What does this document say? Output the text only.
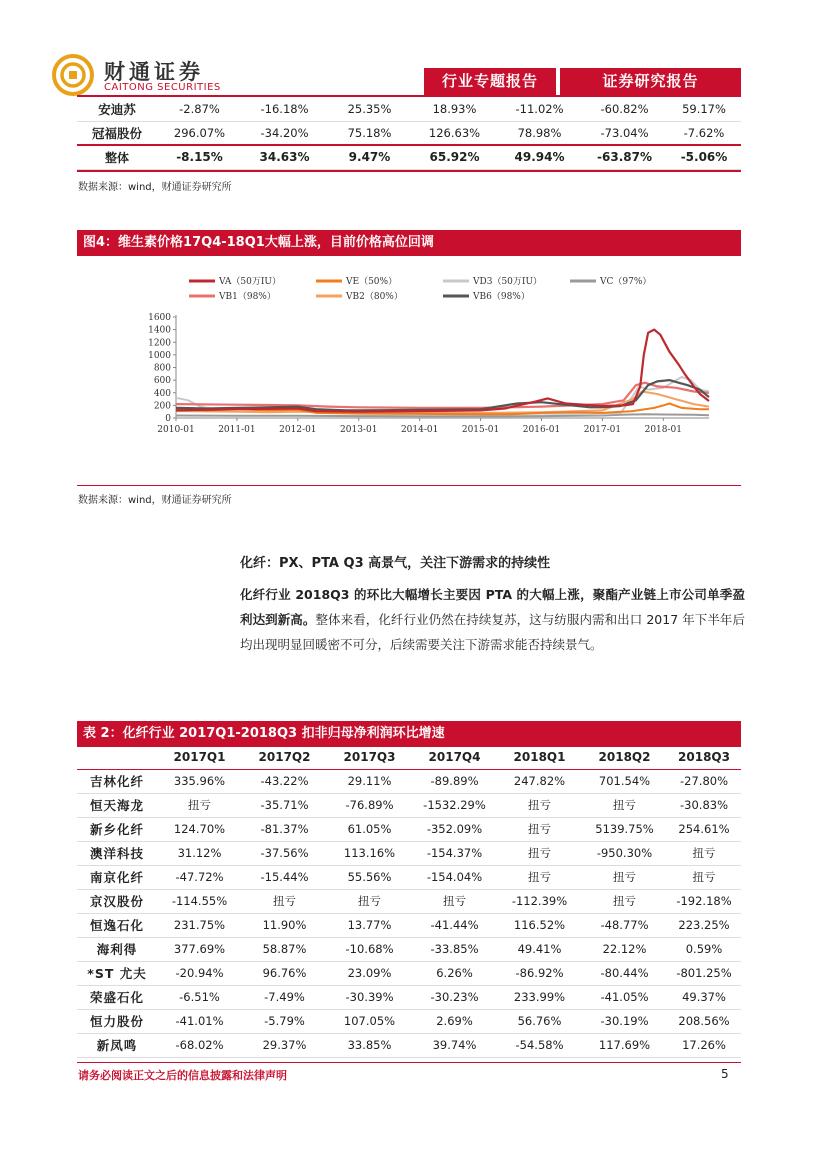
财通证券
CAITONG SECURITIES	行业专题报告	证券研究报告
安迪苏	-2.87%	-16.18%	25.35%	18.93%	-11.02%	-60.82%	59.17%
冠福股份	296.07%	-34.20%	75.18%	126.63%	78.98%	-73.04%	-7.62%
整体	-8.15%	34.63%	9.47%	65.92%	49.94%	-63.87%	-5.06%
数据来源：wind，财通证券研究所
图4：维生素价格17Q4-18Q1大幅上涨，目前价格高位回调
VA（50万IU）	VE（50%）	VD3（50万IU）	VC（97%）
VB1（98%）	VB2（80%）	VB6（98%）
0
200
400
600
800
1000
1200
1400
1600
2010-01	2011-01	2012-01	2013-01	2014-01	2015-01	2016-01	2017-01	2018-01
数据来源：wind，财通证券研究所
化纤：PX、PTA Q3 高景气，关注下游需求的持续性
化纤行业 2018Q3 的环比大幅增长主要因 PTA 的大幅上涨，聚酯产业链上市公司单季盈利达到新高。整体来看，化纤行业仍然在持续复苏，这与纺服内需和出口 2017 年下半年后均出现明显回暖密不可分，后续需要关注下游需求能否持续景气。
表 2：化纤行业 2017Q1-2018Q3 扣非归母净利润环比增速
	2017Q1	2017Q2	2017Q3	2017Q4	2018Q1	2018Q2	2018Q3
吉林化纤	335.96%	-43.22%	29.11%	-89.89%	247.82%	701.54%	-27.80%
恒天海龙	扭亏	-35.71%	-76.89%	-1532.29%	扭亏	扭亏	-30.83%
新乡化纤	124.70%	-81.37%	61.05%	-352.09%	扭亏	5139.75%	254.61%
澳洋科技	31.12%	-37.56%	113.16%	-154.37%	扭亏	-950.30%	扭亏
南京化纤	-47.72%	-15.44%	55.56%	-154.04%	扭亏	扭亏	扭亏
京汉股份	-114.55%	扭亏	扭亏	扭亏	-112.39%	扭亏	-192.18%
恒逸石化	231.75%	11.90%	13.77%	-41.44%	116.52%	-48.77%	223.25%
海利得	377.69%	58.87%	-10.68%	-33.85%	49.41%	22.12%	0.59%
*ST 尤夫	-20.94%	96.76%	23.09%	6.26%	-86.92%	-80.44%	-801.25%
荣盛石化	-6.51%	-7.49%	-30.39%	-30.23%	233.99%	-41.05%	49.37%
恒力股份	-41.01%	-5.79%	107.05%	2.69%	56.76%	-30.19%	208.56%
新凤鸣	-68.02%	29.37%	33.85%	39.74%	-54.58%	117.69%	17.26%
请务必阅读正文之后的信息披露和法律声明	5
